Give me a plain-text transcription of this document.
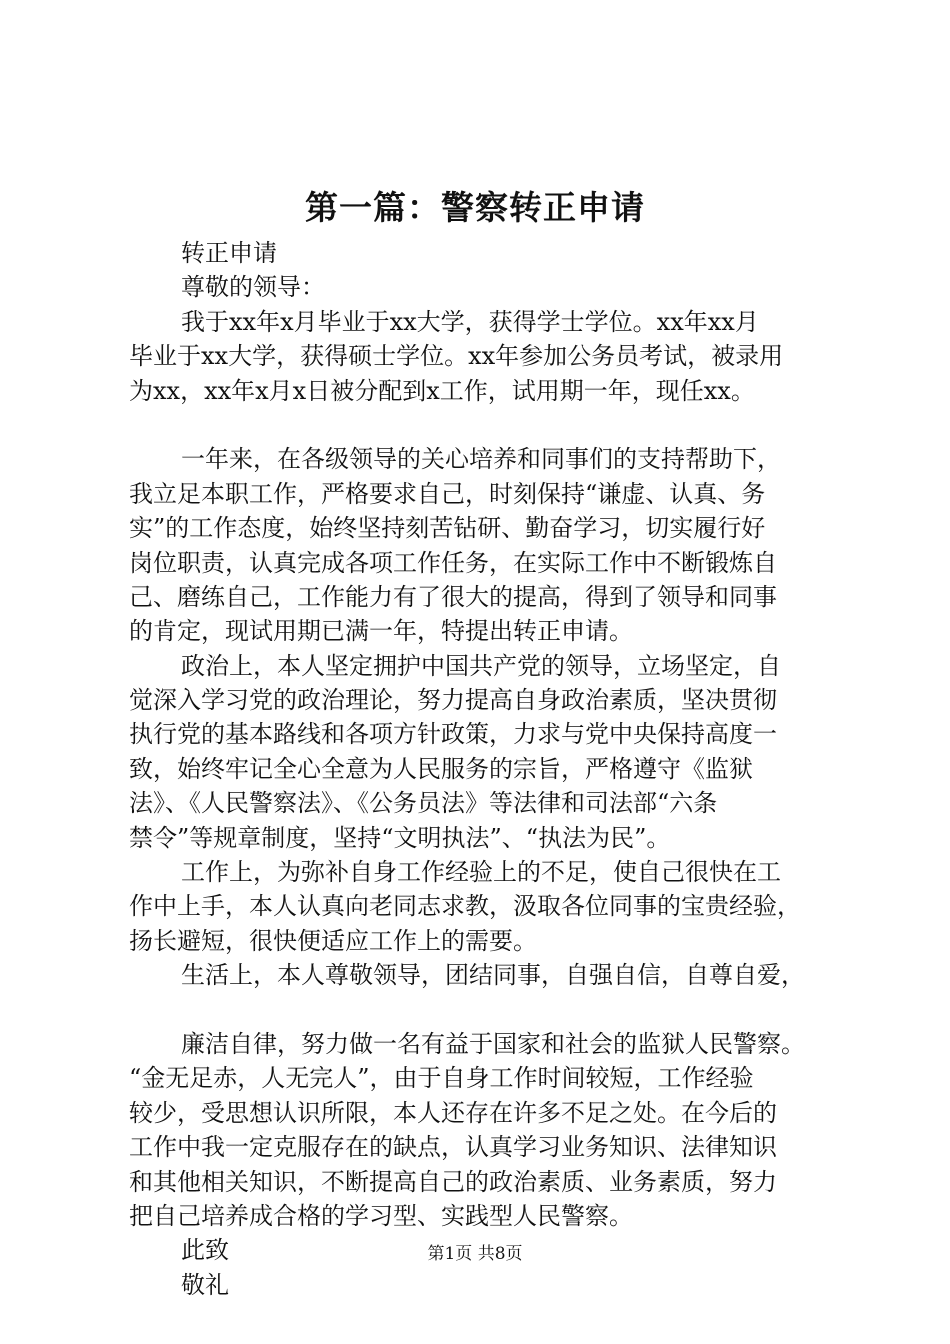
第一篇：警察转正申请
转正申请
尊敬的领导：
我于xx年x月毕业于xx大学，获得学士学位。xx年xx月
毕业于xx大学，获得硕士学位。xx年参加公务员考试，被录用
为xx，xx年x月x日被分配到x工作，试用期一年，现任xx。
一年来，在各级领导的关心培养和同事们的支持帮助下，
我立足本职工作，严格要求自己，时刻保持“谦虚、认真、务
实”的工作态度，始终坚持刻苦钻研、勤奋学习，切实履行好
岗位职责，认真完成各项工作任务，在实际工作中不断锻炼自
己、磨练自己，工作能力有了很大的提高，得到了领导和同事
的肯定，现试用期已满一年，特提出转正申请。
政治上，本人坚定拥护中国共产党的领导，立场坚定，自
觉深入学习党的政治理论，努力提高自身政治素质，坚决贯彻
执行党的基本路线和各项方针政策，力求与党中央保持高度一
致，始终牢记全心全意为人民服务的宗旨，严格遵守《监狱
法》、《人民警察法》、《公务员法》等法律和司法部“六条
禁令”等规章制度，坚持“文明执法”、“执法为民”。
工作上，为弥补自身工作经验上的不足，使自己很快在工
作中上手，本人认真向老同志求教，汲取各位同事的宝贵经验，
扬长避短，很快便适应工作上的需要。
生活上，本人尊敬领导，团结同事，自强自信，自尊自爱，
廉洁自律，努力做一名有益于国家和社会的监狱人民警察。
“金无足赤，人无完人”，由于自身工作时间较短，工作经验
较少，受思想认识所限，本人还存在许多不足之处。在今后的
工作中我一定克服存在的缺点，认真学习业务知识、法律知识
和其他相关知识，不断提高自己的政治素质、业务素质，努力
把自己培养成合格的学习型、实践型人民警察。
此致
敬礼
第1页 共8页
